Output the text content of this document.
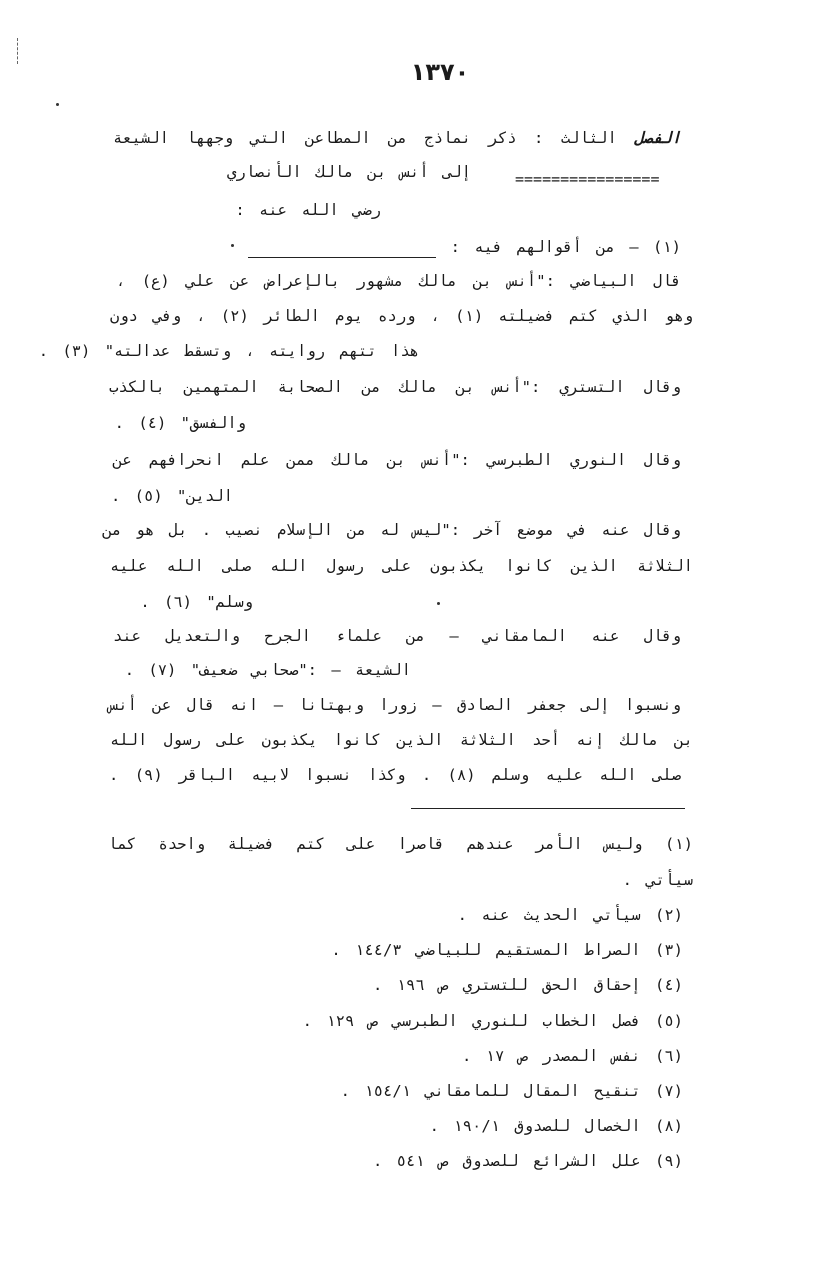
١٣٧٠
الفصل الثالث : ذكر نماذج من المطاعن التي وجهها الشيعة
إلى أنس بن مالك الأنصاري	================
رضي الله عنه :
(١) – من أقوالهم فيه :
قال البياضي :"أنس بن مالك مشهور بالإعراض عن علي (ع) ،
وهو الذي كتم فضيلته (١) ، ورده يوم الطائر (٢) ، وفي دون
هذا تتهم روايته ، وتسقط عدالته" (٣) .
وقال التستري :"أنس بن مالك من الصحابة المتهمين بالكذب
والفسق" (٤) .
وقال النوري الطبرسي :"أنس بن مالك ممن علم انحرافهم عن
الدين" (٥) .
وقال عنه في موضع آخر :"ليس له من الإسلام نصيب . بل هو من
الثلاثة الذين كانوا يكذبون على رسول الله صلى الله عليه
وسلم" (٦) .
وقال عنه المامقاني – من علماء الجرح والتعديل عند
الشيعة – :"صحابي ضعيف" (٧) .
ونسبوا إلى جعفر الصادق – زورا وبهتانا – انه قال عن أنس
بن مالك إنه أحد الثلاثة الذين كانوا يكذبون على رسول الله
صلى الله عليه وسلم (٨) . وكذا نسبوا لابيه الباقر (٩) .
(١) وليس الأمر عندهم قاصرا على كتم فضيلة واحدة كما
سيأتي .
(٢) سيأتي الحديث عنه .
(٣) الصراط المستقيم للبياضي ١٤٤/٣ .
(٤) إحقاق الحق للتستري ص ١٩٦ .
(٥) فصل الخطاب للنوري الطبرسي ص ١٢٩ .
(٦) نفس المصدر ص ١٧ .
(٧) تنقيح المقال للمامقاني ١٥٤/١ .
(٨) الخصال للصدوق ١٩٠/١ .
(٩) علل الشرائع للصدوق ص ٥٤١ .
